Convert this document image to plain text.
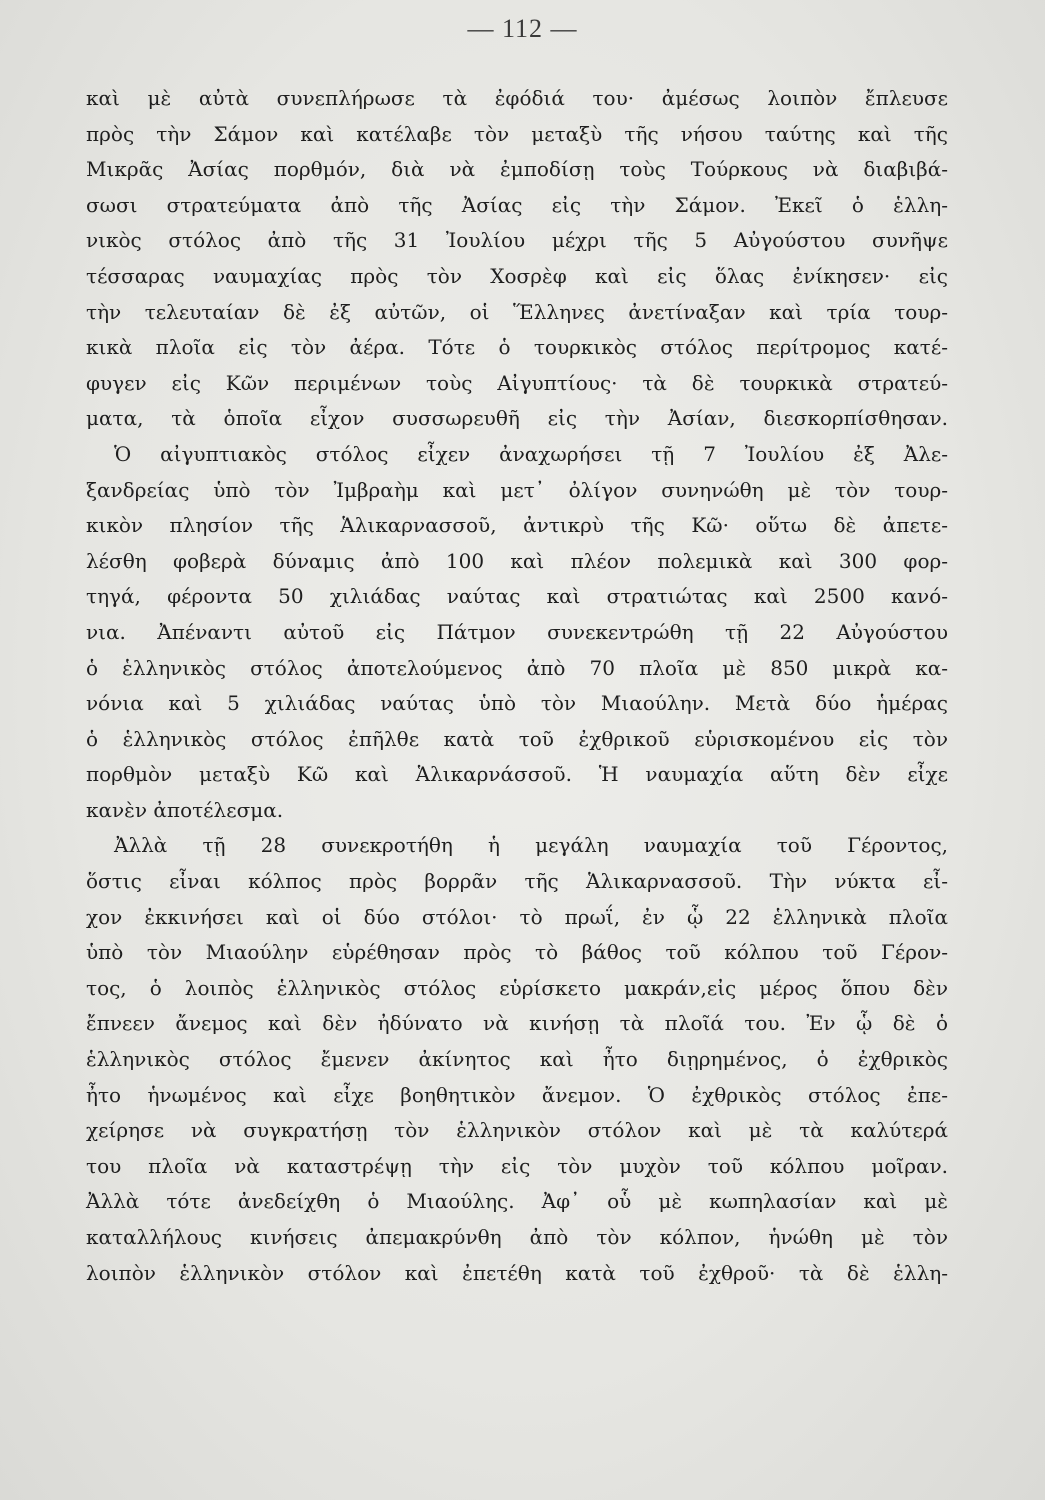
— 112 —
καὶ μὲ αὐτὰ συνεπλήρωσε τὰ ἐφόδιά του· ἀμέσως λοιπὸν ἔπλευσε
πρὸς τὴν Σάμον καὶ κατέλαβε τὸν μεταξὺ τῆς νήσου ταύτης καὶ τῆς
Μικρᾶς Ἀσίας πορθμόν, διὰ νὰ ἐμποδίσῃ τοὺς Τούρκους νὰ διαβιβά-
σωσι στρατεύματα ἀπὸ τῆς Ἀσίας εἰς τὴν Σάμον. Ἐκεῖ ὁ ἑλλη-
νικὸς στόλος ἀπὸ τῆς 31 Ἰουλίου μέχρι τῆς 5 Αὐγούστου συνῆψε
τέσσαρας ναυμαχίας πρὸς τὸν Χοσρὲφ καὶ εἰς ὅλας ἐνίκησεν· εἰς
τὴν τελευταίαν δὲ ἐξ αὐτῶν, οἱ Ἕλληνες ἀνετίναξαν καὶ τρία τουρ-
κικὰ πλοῖα εἰς τὸν ἀέρα. Τότε ὁ τουρκικὸς στόλος περίτρομος κατέ-
φυγεν εἰς Κῶν περιμένων τοὺς Αἰγυπτίους· τὰ δὲ τουρκικὰ στρατεύ-
ματα, τὰ ὁποῖα εἶχον συσσωρευθῆ εἰς τὴν Ἀσίαν, διεσκορπίσθησαν.
Ὁ αἰγυπτιακὸς στόλος εἶχεν ἀναχωρήσει τῇ 7 Ἰουλίου ἐξ Ἀλε-
ξανδρείας ὑπὸ τὸν Ἰμβραὴμ καὶ μετ᾽ ὀλίγον συνηνώθη μὲ τὸν τουρ-
κικὸν πλησίον τῆς Ἁλικαρνασσοῦ, ἀντικρὺ τῆς Κῶ· οὕτω δὲ ἀπετε-
λέσθη φοβερὰ δύναμις ἀπὸ 100 καὶ πλέον πολεμικὰ καὶ 300 φορ-
τηγά, φέροντα 50 χιλιάδας ναύτας καὶ στρατιώτας καὶ 2500 κανό-
νια. Ἀπέναντι αὐτοῦ εἰς Πάτμον συνεκεντρώθη τῇ 22 Αὐγούστου
ὁ ἑλληνικὸς στόλος ἀποτελούμενος ἀπὸ 70 πλοῖα μὲ 850 μικρὰ κα-
νόνια καὶ 5 χιλιάδας ναύτας ὑπὸ τὸν Μιαούλην. Μετὰ δύο ἡμέρας
ὁ ἑλληνικὸς στόλος ἐπῆλθε κατὰ τοῦ ἐχθρικοῦ εὑρισκομένου εἰς τὸν
πορθμὸν μεταξὺ Κῶ καὶ Ἁλικαρνάσσοῦ. Ἡ ναυμαχία αὕτη δὲν εἶχε
κανὲν ἀποτέλεσμα.
Ἀλλὰ τῇ 28 συνεκροτήθη ἡ μεγάλη ναυμαχία τοῦ Γέροντος,
ὅστις εἶναι κόλπος πρὸς βορρᾶν τῆς Ἁλικαρνασσοῦ. Τὴν νύκτα εἶ-
χον ἐκκινήσει καὶ οἱ δύο στόλοι· τὸ πρωΐ, ἐν ᾧ 22 ἑλληνικὰ πλοῖα
ὑπὸ τὸν Μιαούλην εὑρέθησαν πρὸς τὸ βάθος τοῦ κόλπου τοῦ Γέρον-
τος, ὁ λοιπὸς ἑλληνικὸς στόλος εὑρίσκετο μακράν,εἰς μέρος ὅπου δὲν
ἔπνεεν ἄνεμος καὶ δὲν ἠδύνατο νὰ κινήσῃ τὰ πλοῖά του. Ἐν ᾧ δὲ ὁ
ἑλληνικὸς στόλος ἔμενεν ἀκίνητος καὶ ἦτο διῃρημένος, ὁ ἐχθρικὸς
ἦτο ἡνωμένος καὶ εἶχε βοηθητικὸν ἄνεμον. Ὁ ἐχθρικὸς στόλος ἐπε-
χείρησε νὰ συγκρατήσῃ τὸν ἑλληνικὸν στόλον καὶ μὲ τὰ καλύτερά
του πλοῖα νὰ καταστρέψῃ τὴν εἰς τὸν μυχὸν τοῦ κόλπου μοῖραν.
Ἀλλὰ τότε ἀνεδείχθη ὁ Μιαούλης. Ἀφ᾽ οὗ μὲ κωπηλασίαν καὶ μὲ
καταλλήλους κινήσεις ἀπεμακρύνθη ἀπὸ τὸν κόλπον, ἡνώθη μὲ τὸν
λοιπὸν ἑλληνικὸν στόλον καὶ ἐπετέθη κατὰ τοῦ ἐχθροῦ· τὰ δὲ ἑλλη-
